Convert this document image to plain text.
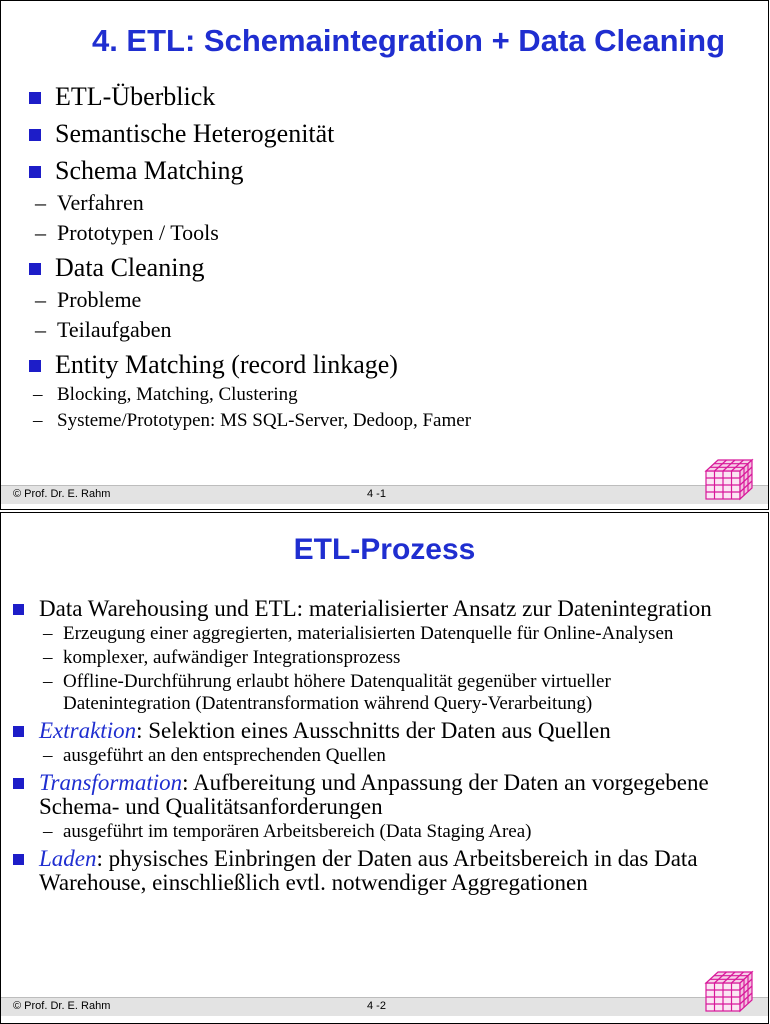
4. ETL: Schemaintegration + Data Cleaning
ETL-Überblick
Semantische Heterogenität
Schema Matching
– Verfahren
– Prototypen / Tools
Data Cleaning
– Probleme
– Teilaufgaben
Entity Matching (record linkage)
– Blocking, Matching, Clustering
– Systeme/Prototypen: MS SQL-Server, Dedoop, Famer
© Prof. Dr. E. Rahm	4 -1
ETL-Prozess
Data Warehousing und ETL: materialisierter Ansatz zur Datenintegration
– Erzeugung einer aggregierten, materialisierten Datenquelle für Online-Analysen
– komplexer, aufwändiger Integrationsprozess
– Offline-Durchführung erlaubt höhere Datenqualität gegenüber virtueller Datenintegration (Datentransformation während Query-Verarbeitung)
Extraktion: Selektion eines Ausschnitts der Daten aus Quellen
– ausgeführt an den entsprechenden Quellen
Transformation: Aufbereitung und Anpassung der Daten an vorgegebene Schema- und Qualitätsanforderungen
– ausgeführt im temporären Arbeitsbereich (Data Staging Area)
Laden: physisches Einbringen der Daten aus Arbeitsbereich in das Data Warehouse, einschließlich evtl. notwendiger Aggregationen
© Prof. Dr. E. Rahm	4 -2
